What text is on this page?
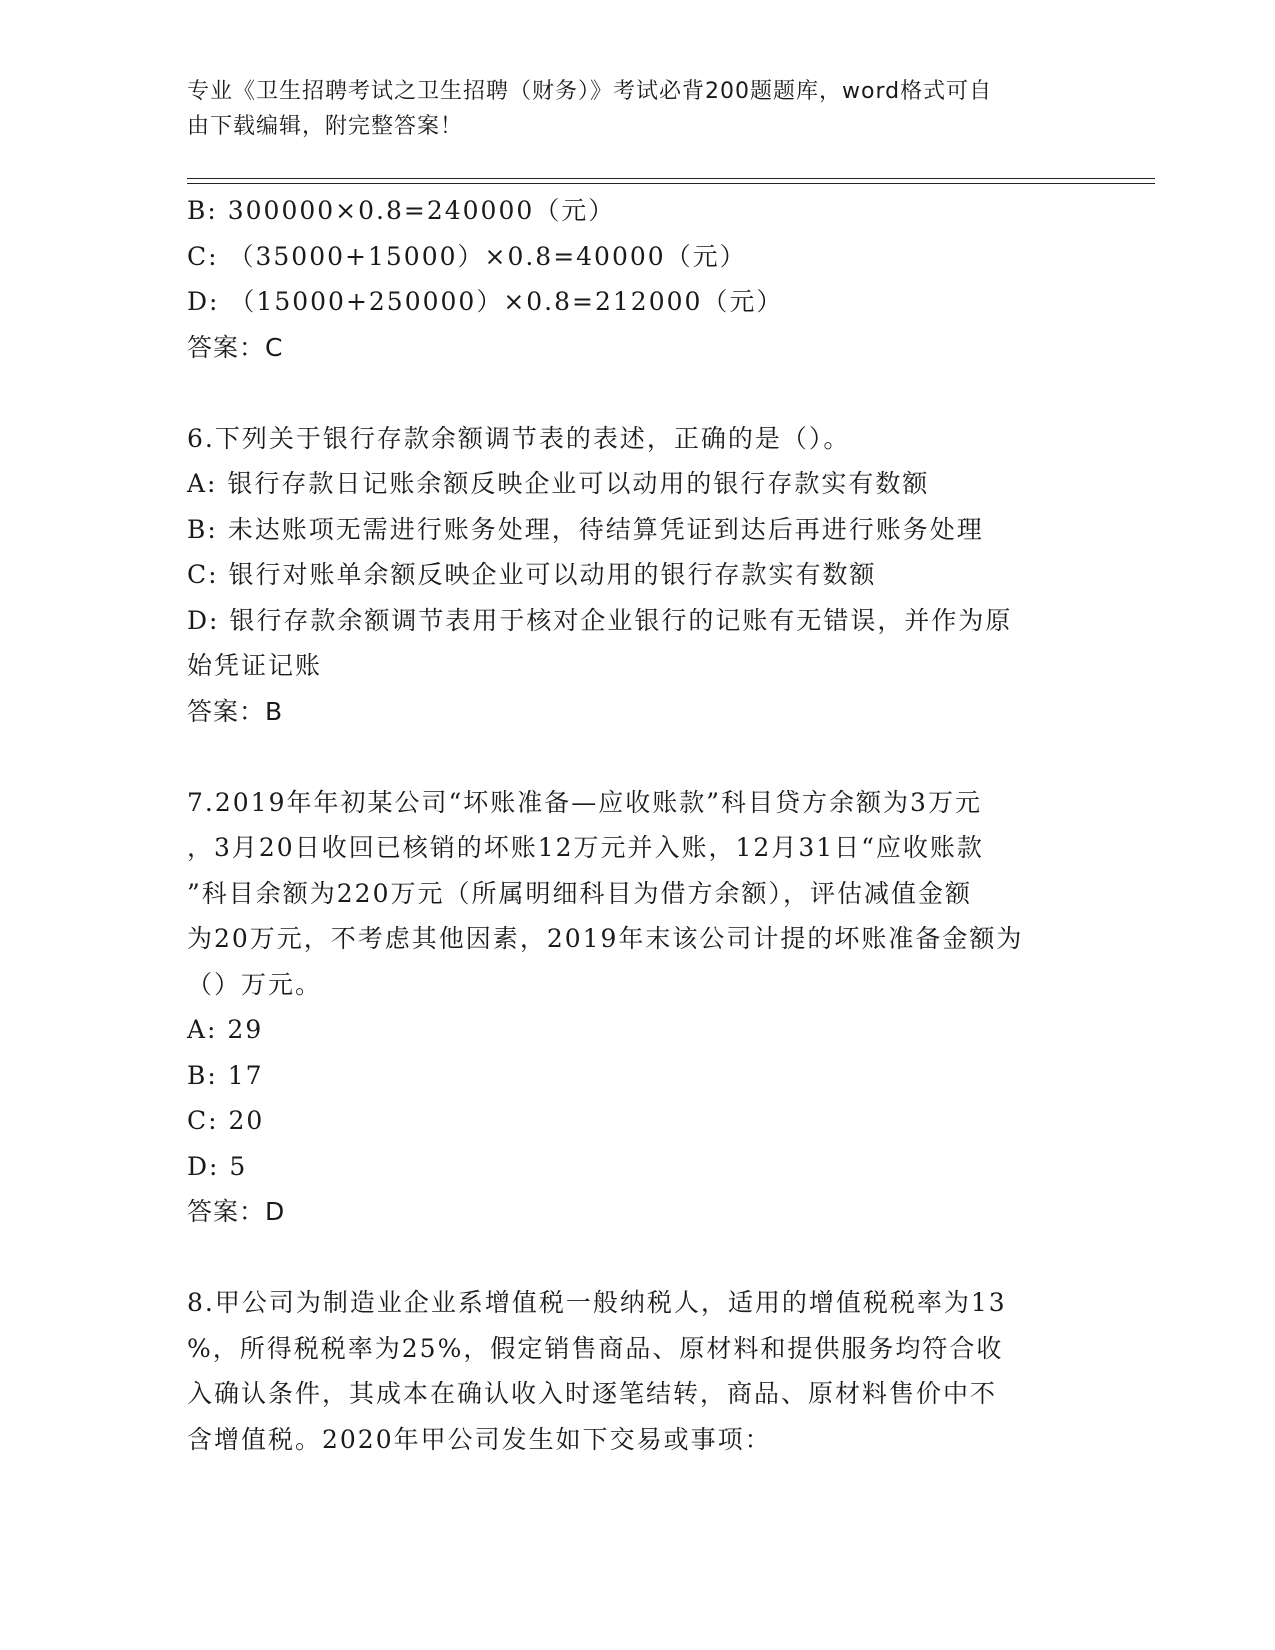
专业《卫生招聘考试之卫生招聘（财务）》考试必背200题题库，word格式可自
由下载编辑，附完整答案！
B: 300000×0.8=240000（元）
C: （35000+15000）×0.8=40000（元）
D: （15000+250000）×0.8=212000（元）
答案：C
6.下列关于银行存款余额调节表的表述，正确的是（）。
A: 银行存款日记账余额反映企业可以动用的银行存款实有数额
B: 未达账项无需进行账务处理，待结算凭证到达后再进行账务处理
C: 银行对账单余额反映企业可以动用的银行存款实有数额
D: 银行存款余额调节表用于核对企业银行的记账有无错误，并作为原
始凭证记账
答案：B
7.2019年年初某公司“坏账准备—应收账款”科目贷方余额为3万元
，3月20日收回已核销的坏账12万元并入账，12月31日“应收账款
”科目余额为220万元（所属明细科目为借方余额），评估减值金额
为20万元，不考虑其他因素，2019年末该公司计提的坏账准备金额为
（）万元。
A: 29
B: 17
C: 20
D: 5
答案：D
8.甲公司为制造业企业系增值税一般纳税人，适用的增值税税率为13
%，所得税税率为25%，假定销售商品、原材料和提供服务均符合收
入确认条件，其成本在确认收入时逐笔结转，商品、原材料售价中不
含增值税。2020年甲公司发生如下交易或事项：
